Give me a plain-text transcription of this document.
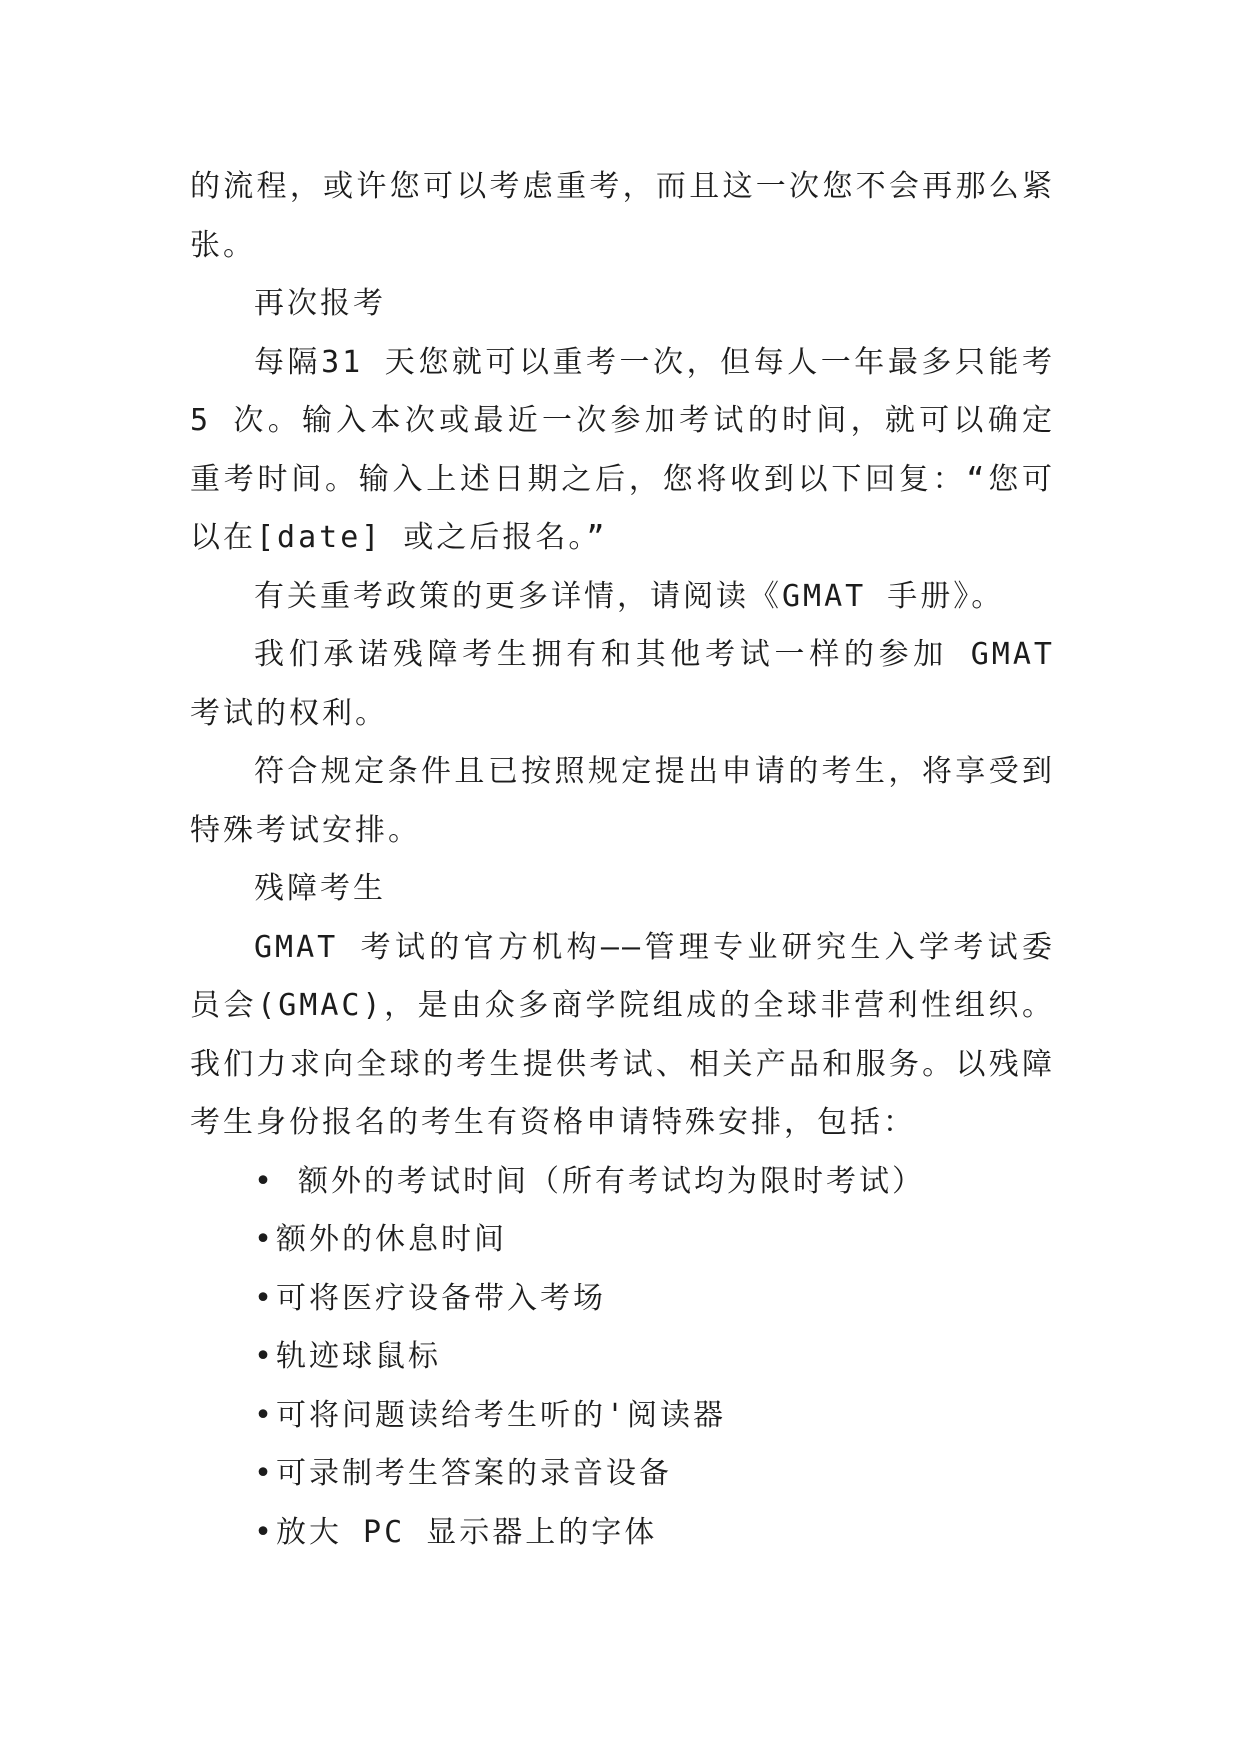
的流程，或许您可以考虑重考，而且这一次您不会再那么紧张。

再次报考

每隔31 天您就可以重考一次，但每人一年最多只能考5 次。输入本次或最近一次参加考试的时间，就可以确定重考时间。输入上述日期之后，您将收到以下回复：“您可以在[date] 或之后报名。”

有关重考政策的更多详情，请阅读《GMAT 手册》。

我们承诺残障考生拥有和其他考试一样的参加 GMAT 考试的权利。

符合规定条件且已按照规定提出申请的考生，将享受到特殊考试安排。

残障考生

GMAT 考试的官方机构——管理专业研究生入学考试委员会(GMAC)，是由众多商学院组成的全球非营利性组织。我们力求向全球的考生提供考试、相关产品和服务。以残障考生身份报名的考生有资格申请特殊安排，包括：

• 额外的考试时间（所有考试均为限时考试）
• 额外的休息时间
• 可将医疗设备带入考场
• 轨迹球鼠标
• 可将问题读给考生听的'阅读器
• 可录制考生答案的录音设备
• 放大 PC 显示器上的字体
